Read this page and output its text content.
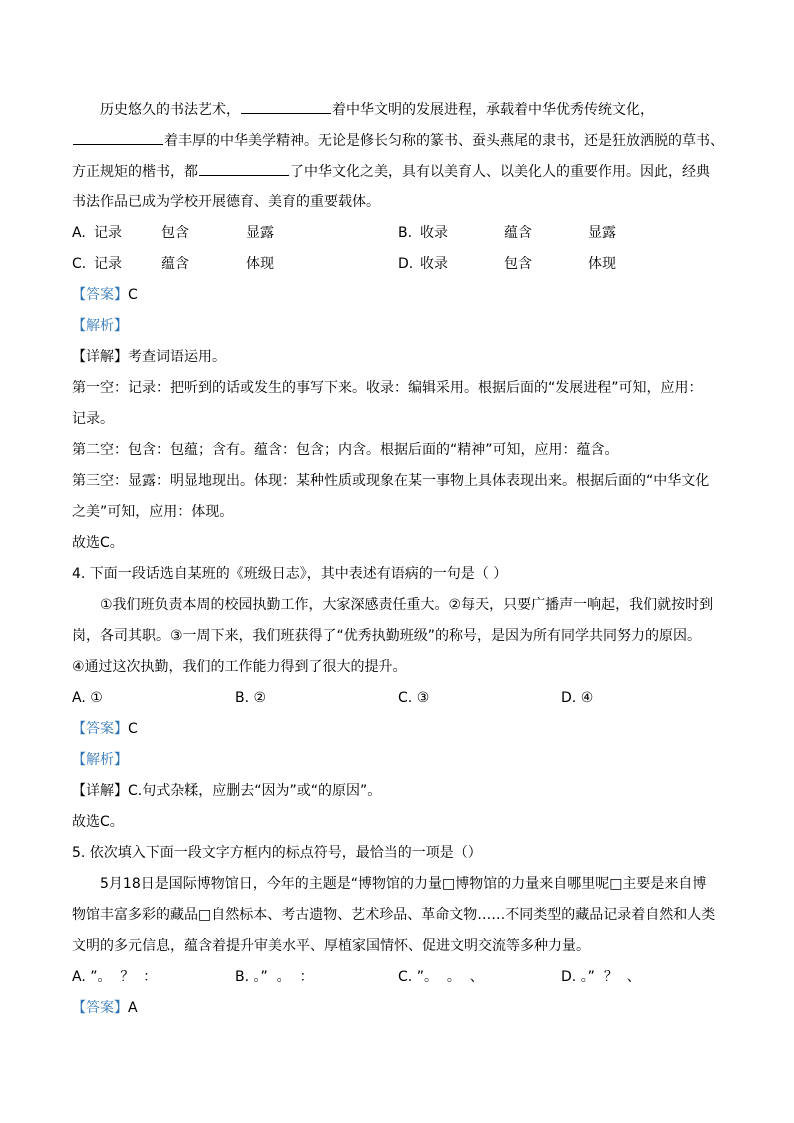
历史悠久的书法艺术，	着中华文明的发展进程，承载着中华优秀传统文化，
着丰厚的中华美学精神。无论是修长匀称的篆书、蚕头燕尾的隶书，还是狂放洒脱的草书、
方正规矩的楷书，都	了中华文化之美，具有以美育人、以美化人的重要作用。因此，经典
书法作品已成为学校开展德育、美育的重要载体。
A. 记录	包含	显露	B. 收录	蕴含	显露
C. 记录	蕴含	体现	D. 收录	包含	体现
【答案】C
【解析】
【详解】考查词语运用。
第一空：记录：把听到的话或发生的事写下来。收录：编辑采用。根据后面的“发展进程”可知，应用：
记录。
第二空：包含：包蕴；含有。蕴含：包含；内含。根据后面的“精神”可知，应用：蕴含。
第三空：显露：明显地现出。体现：某种性质或现象在某一事物上具体表现出来。根据后面的“中华文化
之美”可知，应用：体现。
故选C。
4. 下面一段话选自某班的《班级日志》，其中表述有语病的一句是（ ）
①我们班负责本周的校园执勤工作，大家深感责任重大。②每天，只要广播声一响起，我们就按时到
岗，各司其职。③一周下来，我们班获得了“优秀执勤班级”的称号，是因为所有同学共同努力的原因。
④通过这次执勤，我们的工作能力得到了很大的提升。
A. ①	B. ②	C. ③	D. ④
【答案】C
【解析】
【详解】C.句式杂糅，应删去“因为”或“的原因”。
故选C。
5. 依次填入下面一段文字方框内的标点符号，最恰当的一项是（）
5月18日是国际博物馆日，今年的主题是“博物馆的力量□博物馆的力量来自哪里呢□主要是来自博
物馆丰富多彩的藏品□自然标本、考古遗物、艺术珍品、革命文物……不同类型的藏品记录着自然和人类
文明的多元信息，蕴含着提升审美水平、厚植家国情怀、促进文明交流等多种力量。
A. ”。  ？  ：	B. 。”  。  ：	C. ”。  。  、	D. 。”  ？  、
【答案】A
